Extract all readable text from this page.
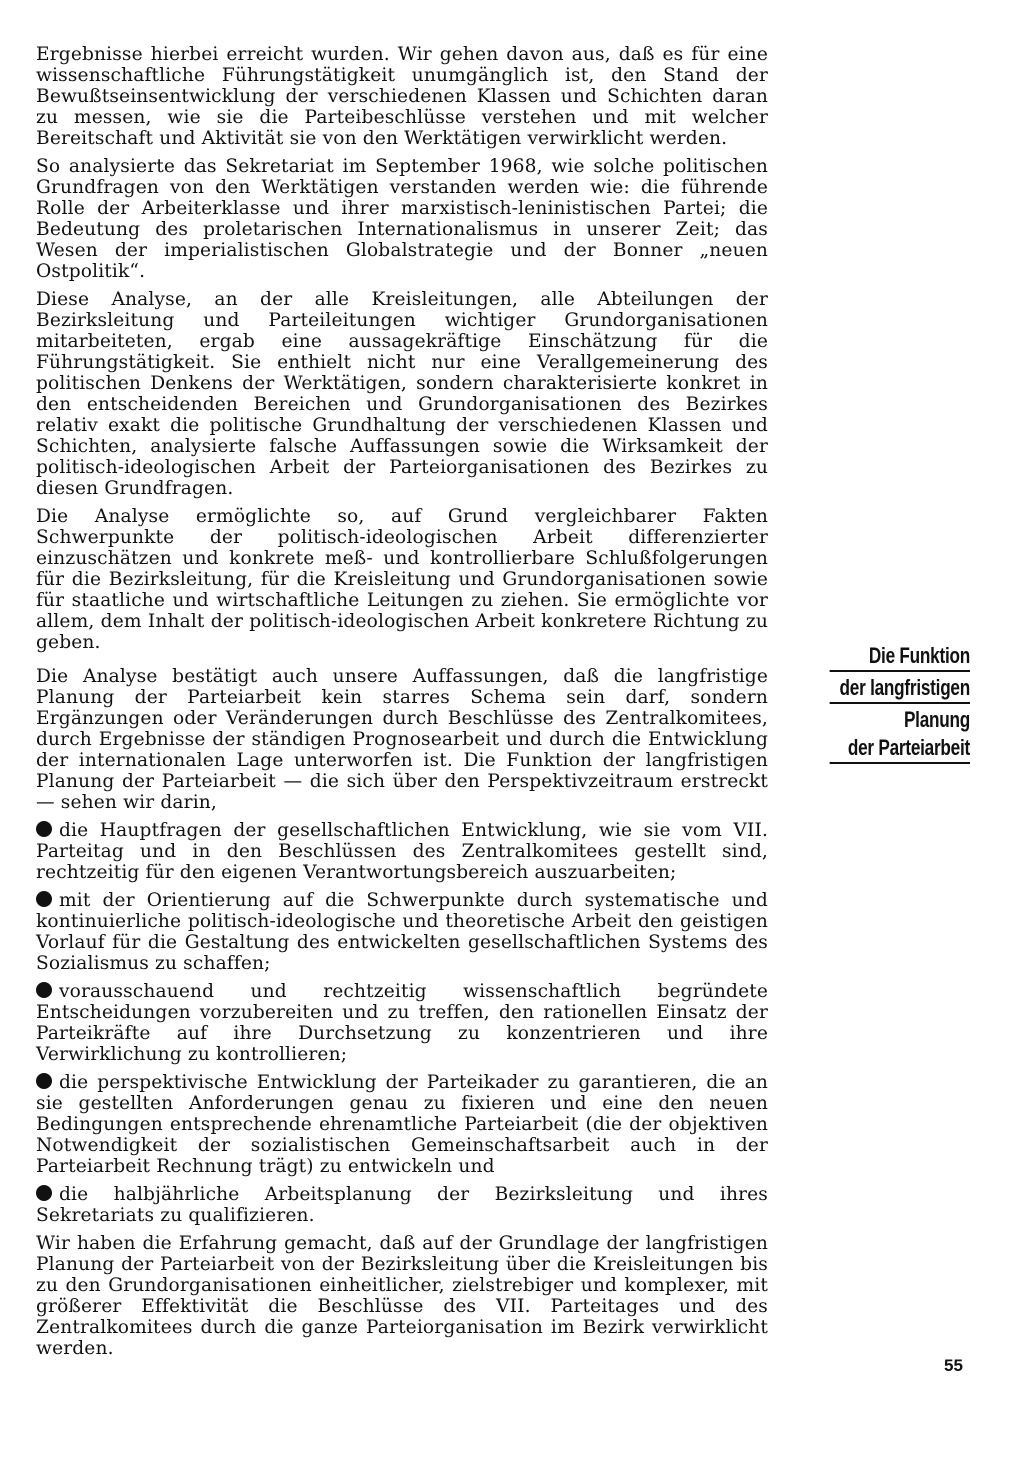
Ergebnisse hierbei erreicht wurden. Wir gehen davon aus, daß es für eine wissenschaftliche Führungstätigkeit unumgänglich ist, den Stand der Bewußtseinsentwicklung der verschiedenen Klassen und Schichten daran zu messen, wie sie die Parteibeschlüsse verstehen und mit welcher Bereitschaft und Aktivität sie von den Werktätigen verwirklicht werden.

So analysierte das Sekretariat im September 1968, wie solche politischen Grundfragen von den Werktätigen verstanden werden wie: die führende Rolle der Arbeiterklasse und ihrer marxistisch-leninistischen Partei; die Bedeutung des proletarischen Internationalismus in unserer Zeit; das Wesen der imperialistischen Globalstrategie und der Bonner „neuen Ostpolitik“.

Diese Analyse, an der alle Kreisleitungen, alle Abteilungen der Bezirksleitung und Parteileitungen wichtiger Grundorganisationen mitarbeiteten, ergab eine aussagekräftige Einschätzung für die Führungstätigkeit. Sie enthielt nicht nur eine Verallgemeinerung des politischen Denkens der Werktätigen, sondern charakterisierte konkret in den entscheidenden Bereichen und Grundorganisationen des Bezirkes relativ exakt die politische Grundhaltung der verschiedenen Klassen und Schichten, analysierte falsche Auffassungen sowie die Wirksamkeit der politisch-ideologischen Arbeit der Parteiorganisationen des Bezirkes zu diesen Grundfragen.

Die Analyse ermöglichte so, auf Grund vergleichbarer Fakten Schwerpunkte der politisch-ideologischen Arbeit differenzierter einzuschätzen und konkrete meß- und kontrollierbare Schlußfolgerungen für die Bezirksleitung, für die Kreisleitung und Grundorganisationen sowie für staatliche und wirtschaftliche Leitungen zu ziehen. Sie ermöglichte vor allem, dem Inhalt der politisch-ideologischen Arbeit konkretere Richtung zu geben.

Die Analyse bestätigt auch unsere Auffassungen, daß die langfristige Planung der Parteiarbeit kein starres Schema sein darf, sondern Ergänzungen oder Veränderungen durch Beschlüsse des Zentralkomitees, durch Ergebnisse der ständigen Prognosearbeit und durch die Entwicklung der internationalen Lage unterworfen ist. Die Funktion der langfristigen Planung der Parteiarbeit — die sich über den Perspektivzeitraum erstreckt — sehen wir darin,

die Hauptfragen der gesellschaftlichen Entwicklung, wie sie vom VII. Parteitag und in den Beschlüssen des Zentralkomitees gestellt sind, rechtzeitig für den eigenen Verantwortungsbereich auszuarbeiten;

mit der Orientierung auf die Schwerpunkte durch systematische und kontinuierliche politisch-ideologische und theoretische Arbeit den geistigen Vorlauf für die Gestaltung des entwickelten gesellschaftlichen Systems des Sozialismus zu schaffen;

vorausschauend und rechtzeitig wissenschaftlich begründete Entscheidungen vorzubereiten und zu treffen, den rationellen Einsatz der Parteikräfte auf ihre Durchsetzung zu konzentrieren und ihre Verwirklichung zu kontrollieren;

die perspektivische Entwicklung der Parteikader zu garantieren, die an sie gestellten Anforderungen genau zu fixieren und eine den neuen Bedingungen entsprechende ehrenamtliche Parteiarbeit (die der objektiven Notwendigkeit der sozialistischen Gemeinschaftsarbeit auch in der Parteiarbeit Rechnung trägt) zu entwickeln und

die halbjährliche Arbeitsplanung der Bezirksleitung und ihres Sekretariats zu qualifizieren.

Wir haben die Erfahrung gemacht, daß auf der Grundlage der langfristigen Planung der Parteiarbeit von der Bezirksleitung über die Kreisleitungen bis zu den Grundorganisationen einheitlicher, zielstrebiger und komplexer, mit größerer Effektivität die Beschlüsse des VII. Parteitages und des Zentralkomitees durch die ganze Parteiorganisation im Bezirk verwirklicht werden.

Die Funktion
der langfristigen
Planung
der Parteiarbeit
55
